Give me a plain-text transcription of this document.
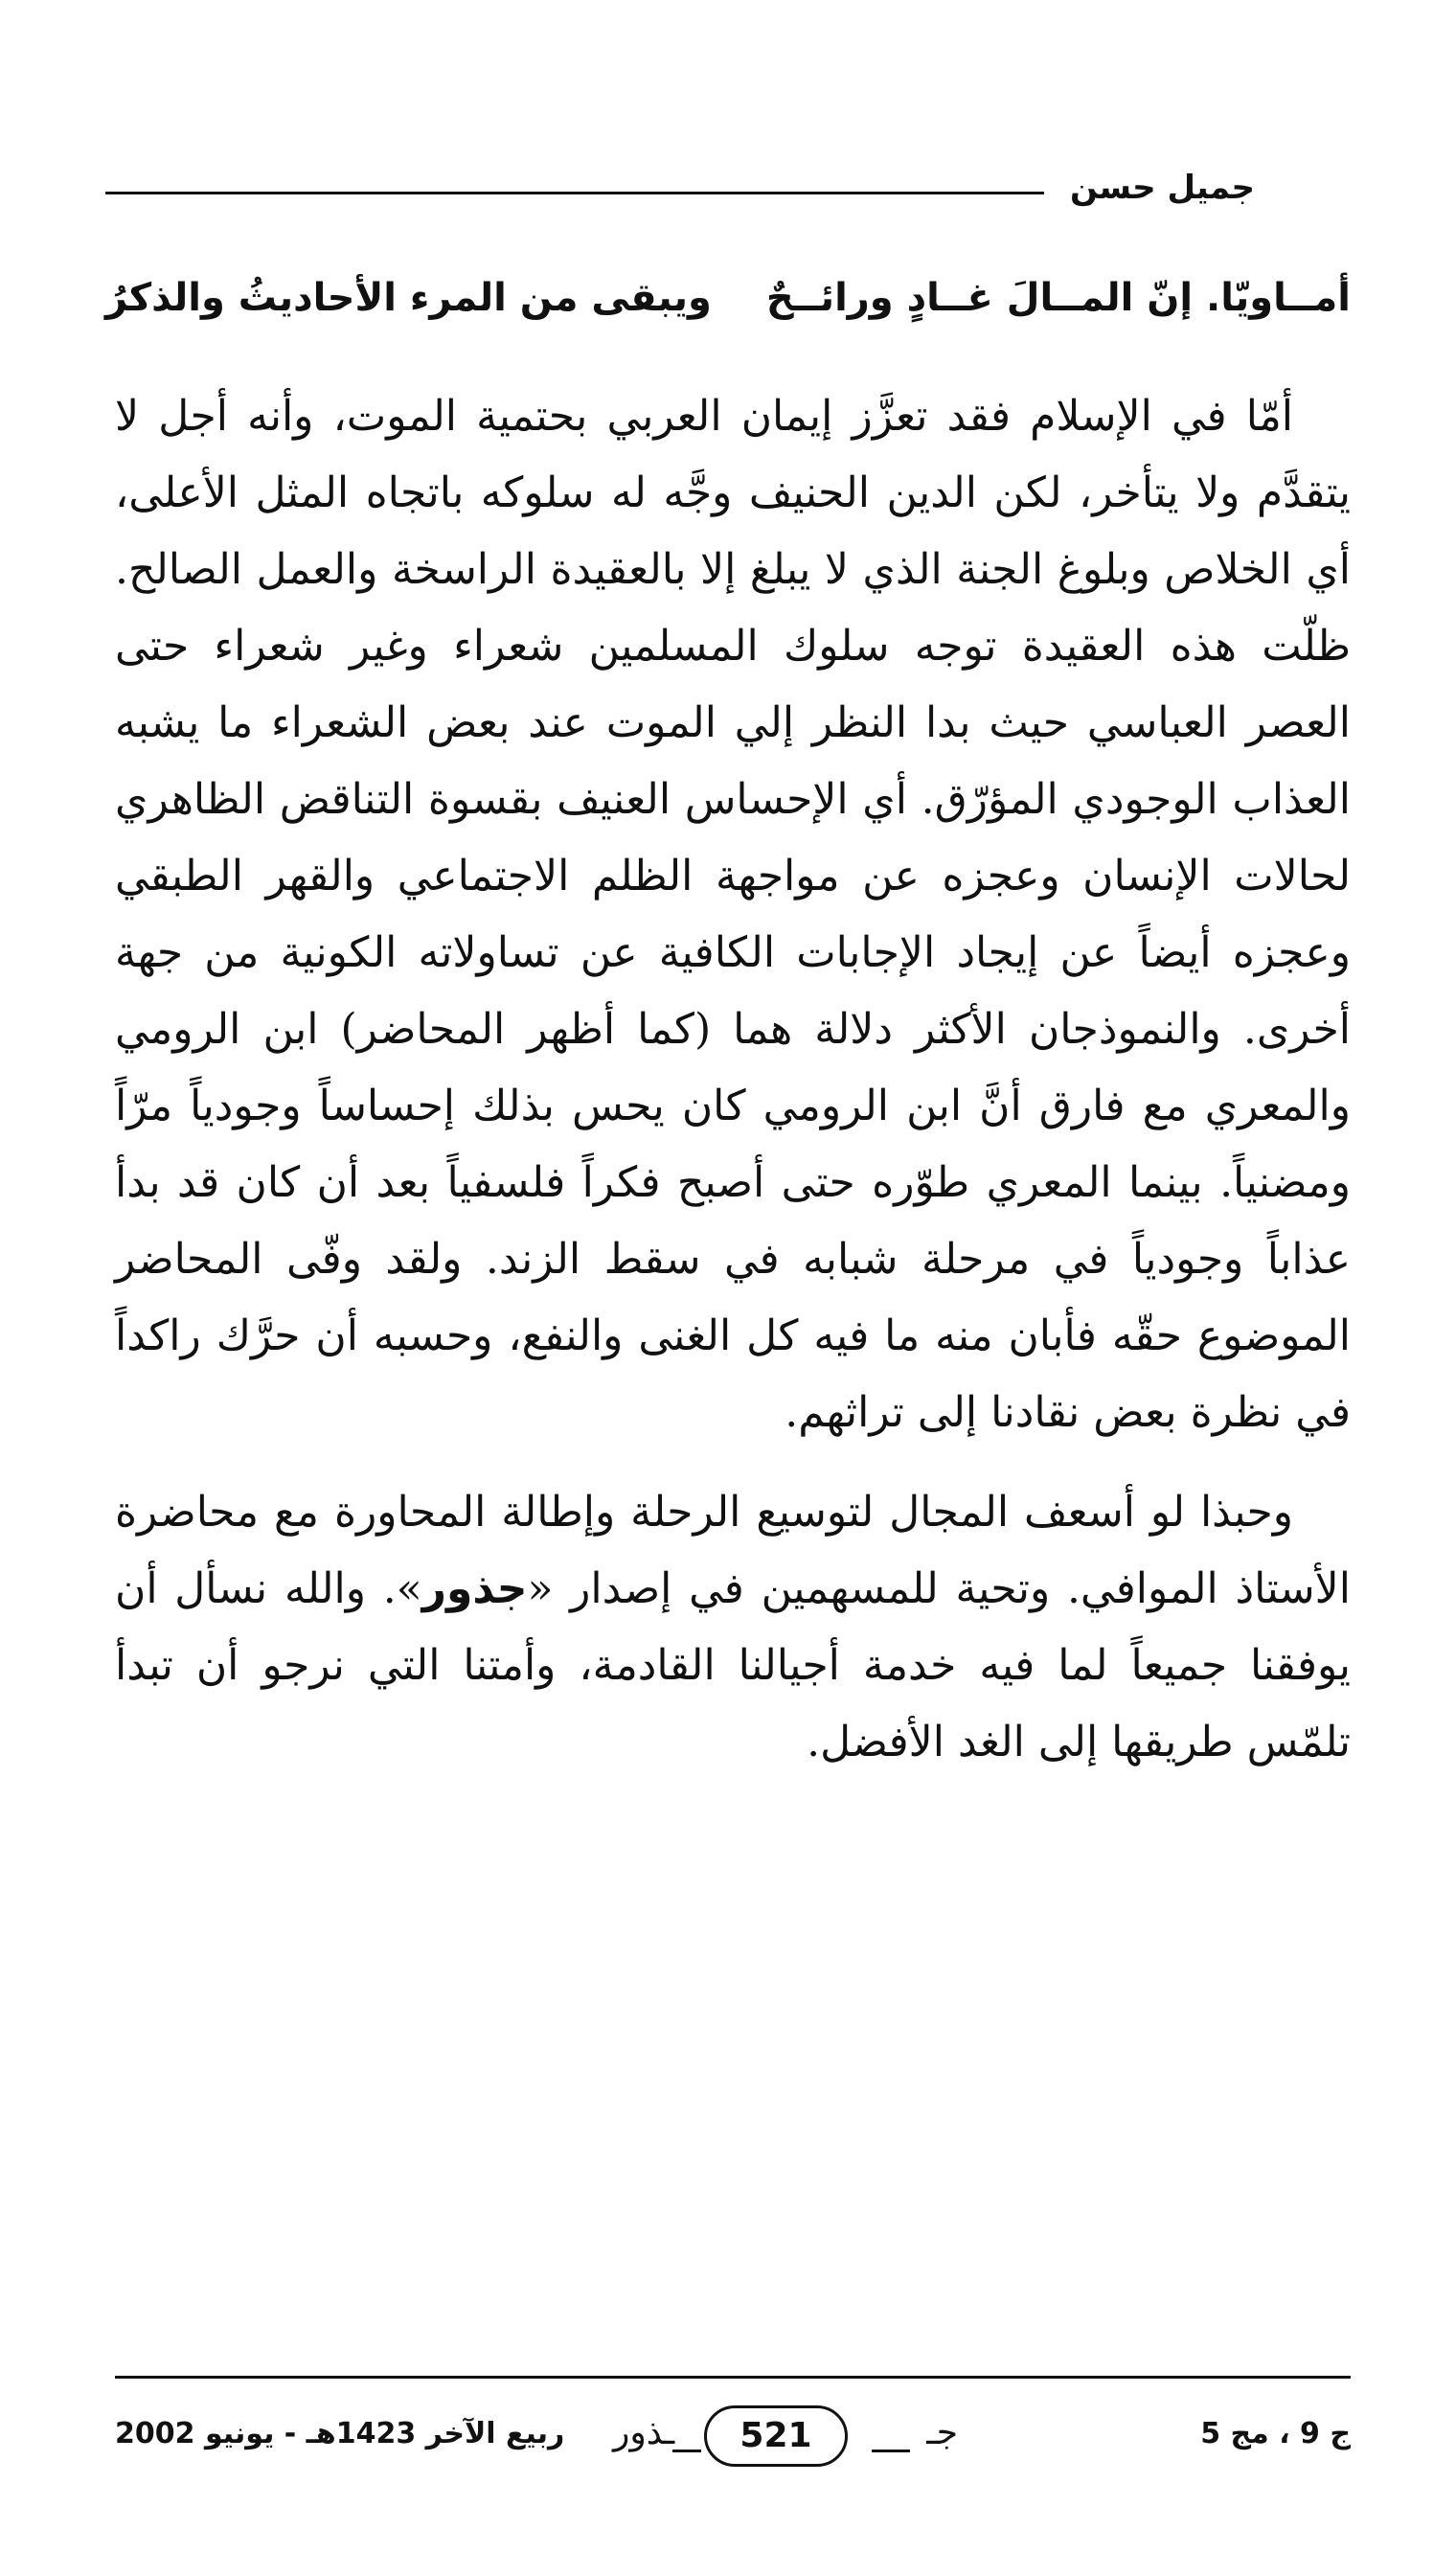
جميل حسن
أمــاويّا. إنّ المــالَ غــادٍ ورائــحٌ
ويبقى من المرء الأحاديثُ والذكرُ

أمّا في الإسلام فقد تعزَّز إيمان العربي بحتمية الموت، وأنه أجل لا يتقدَّم ولا يتأخر، لكن الدين الحنيف وجَّه له سلوكه باتجاه المثل الأعلى، أي الخلاص وبلوغ الجنة الذي لا يبلغ إلا بالعقيدة الراسخة والعمل الصالح. ظلّت هذه العقيدة توجه سلوك المسلمين شعراء وغير شعراء حتى العصر العباسي حيث بدا النظر إلي الموت عند بعض الشعراء ما يشبه العذاب الوجودي المؤرّق. أي الإحساس العنيف بقسوة التناقض الظاهري لحالات الإنسان وعجزه عن مواجهة الظلم الاجتماعي والقهر الطبقي وعجزه أيضاً عن إيجاد الإجابات الكافية عن تساولاته الكونية من جهة أخرى. والنموذجان الأكثر دلالة هما (كما أظهر المحاضر) ابن الرومي والمعري مع فارق أنَّ ابن الرومي كان يحس بذلك إحساساً وجودياً مرّاً ومضنياً. بينما المعري طوّره حتى أصبح فكراً فلسفياً بعد أن كان قد بدأ عذاباً وجودياً في مرحلة شبابه في سقط الزند. ولقد وفّى المحاضر الموضوع حقّه فأبان منه ما فيه كل الغنى والنفع، وحسبه أن حرَّك راكداً في نظرة بعض نقادنا إلى تراثهم.

وحبذا لو أسعف المجال لتوسيع الرحلة وإطالة المحاورة مع محاضرة الأستاذ الموافي. وتحية للمسهمين في إصدار «جذور». والله نسأل أن يوفقنا جميعاً لما فيه خدمة أجيالنا القادمة، وأمتنا التي نرجو أن تبدأ تلمّس طريقها إلى الغد الأفضل.

ج 9 ، مج 5
جـ
521
ـذور
ربيع الآخر 1423هـ - يونيو 2002
